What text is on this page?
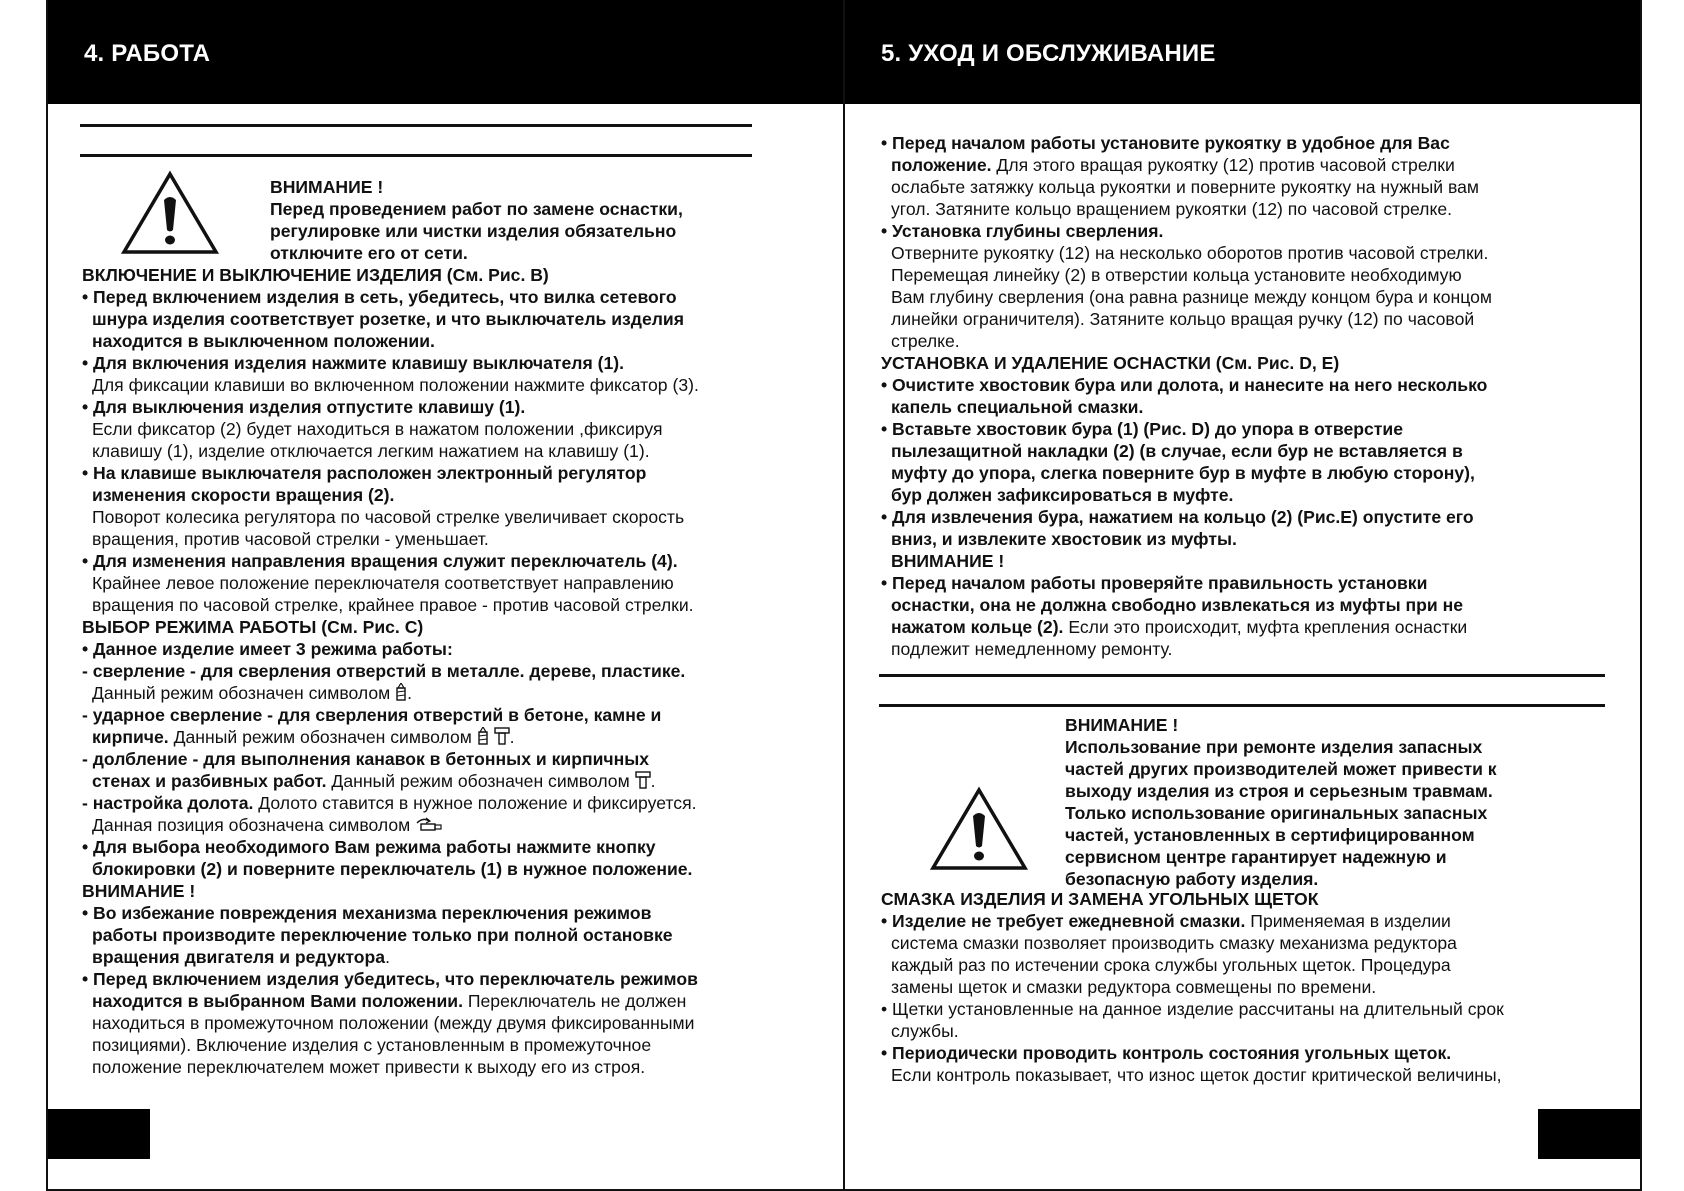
4. РАБОТА
ВНИМАНИЕ !
Перед проведением работ по замене оснастки,
регулировке или чистки изделия обязательно
отключите его от сети.

ВКЛЮЧЕНИЕ И ВЫКЛЮЧЕНИЕ ИЗДЕЛИЯ (См. Рис. B)

• Перед включением изделия в сеть, убедитесь, что вилка сетевого

шнура изделия соответствует розетке, и что выключатель изделия

находится в выключенном положении.

• Для включения изделия нажмите клавишу выключателя (1).

Для фиксации клавиши во включенном положении нажмите фиксатор (3).

• Для выключения изделия отпустите клавишу (1).

Если фиксатор (2) будет находиться в нажатом положении ,фиксируя

клавишу (1), изделие отключается легким нажатием на клавишу (1).

• На клавише выключателя расположен электронный регулятор

изменения скорости вращения (2).

Поворот колесика регулятора по часовой стрелке увеличивает скорость

вращения, против часовой стрелки - уменьшает.

• Для изменения направления вращения служит переключатель (4).

Крайнее левое положение переключателя соответствует направлению

вращения по часовой стрелке, крайнее правое - против часовой стрелки.

ВЫБОР РЕЖИМА РАБОТЫ (См. Рис. C)

• Данное изделие имеет 3 режима работы:

- сверление - для сверления отверстий в металле. дереве, пластике.

Данный режим обозначен символом .

- ударное сверление - для сверления отверстий в бетоне, камне и

кирпиче. Данный режим обозначен символом .

- долбление - для выполнения канавок в бетонных и кирпичных

стенах и разбивных работ. Данный режим обозначен символом .

- настройка долота. Долото ставится в нужное положение и фиксируется.

Данная позиция обозначена символом

• Для выбора необходимого Вам режима работы нажмите кнопку

блокировки (2) и поверните переключатель (1) в нужное положение.

ВНИМАНИЕ !

• Во избежание повреждения механизма переключения режимов

работы производите переключение только при полной остановке

вращения двигателя и редуктора.

• Перед включением изделия убедитесь, что переключатель режимов

находится в выбранном Вами положении. Переключатель не должен

находиться в промежуточном положении (между двумя фиксированными

позициями). Включение изделия с установленным в промежуточное

положение переключателем может привести к выходу его из строя.

5. УХОД И ОБСЛУЖИВАНИЕ

• Перед началом работы установите рукоятку в удобное для Вас

положение. Для этого вращая рукоятку (12) против часовой стрелки

ослабьте затяжку кольца рукоятки и поверните рукоятку на нужный вам

угол. Затяните кольцо вращением рукоятки (12) по часовой стрелке.

• Установка глубины сверления.

Отверните рукоятку (12) на несколько оборотов против часовой стрелки.

Перемещая линейку (2) в отверстии кольца установите необходимую

Вам глубину сверления (она равна разнице между концом бура и концом

линейки ограничителя). Затяните кольцо вращая ручку (12) по часовой

стрелке.

УСТАНОВКА И УДАЛЕНИЕ ОСНАСТКИ (См. Рис. D, E)

• Очистите хвостовик бура или долота, и нанесите на него несколько

капель специальной смазки.

• Вставьте хвостовик бура (1) (Рис. D) до упора в отверстие

пылезащитной накладки (2) (в случае, если бур не вставляется в

муфту до упора, слегка поверните бур в муфте в любую сторону),

бур должен зафиксироваться в муфте.

• Для извлечения бура, нажатием на кольцо (2) (Рис.E) опустите его

вниз, и извлеките хвостовик из муфты.

ВНИМАНИЕ !

• Перед началом работы проверяйте правильность установки

оснастки, она не должна свободно извлекаться из муфты при не

нажатом кольце (2). Если это происходит, муфта крепления оснастки

подлежит немедленному ремонту.

ВНИМАНИЕ !
Использование при ремонте изделия запасных
частей других производителей может привести к
выходу изделия из строя и серьезным травмам.
Только использование оригинальных запасных
частей, установленных в сертифицированном
сервисном центре гарантирует надежную и
безопасную работу изделия.

СМАЗКА ИЗДЕЛИЯ И ЗАМЕНА УГОЛЬНЫХ ЩЕТОК

• Изделие не требует ежедневной смазки. Применяемая в изделии

система смазки позволяет производить смазку механизма редуктора

каждый раз по истечении срока службы угольных щеток. Процедура

замены щеток и смазки редуктора совмещены по времени.

• Щетки установленные на данное изделие рассчитаны на длительный срок

службы.

• Периодически проводить контроль состояния угольных щеток.

Если контроль показывает, что износ щеток достиг критической величины,
